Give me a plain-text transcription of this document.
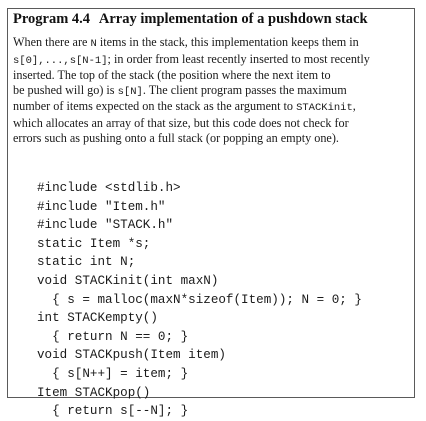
Program 4.4 Array implementation of a pushdown stack
When there are N items in the stack, this implementation keeps them in
s[0],...,s[N-1]; in order from least recently inserted to most recently
inserted. The top of the stack (the position where the next item to
be pushed will go) is s[N]. The client program passes the maximum
number of items expected on the stack as the argument to STACKinit,
which allocates an array of that size, but this code does not check for
errors such as pushing onto a full stack (or popping an empty one).
#include <stdlib.h>
#include "Item.h"
#include "STACK.h"
static Item *s;
static int N;
void STACKinit(int maxN)
{ s = malloc(maxN*sizeof(Item)); N = 0; }
int STACKempty()
{ return N == 0; }
void STACKpush(Item item)
{ s[N++] = item; }
Item STACKpop()
{ return s[--N]; }
